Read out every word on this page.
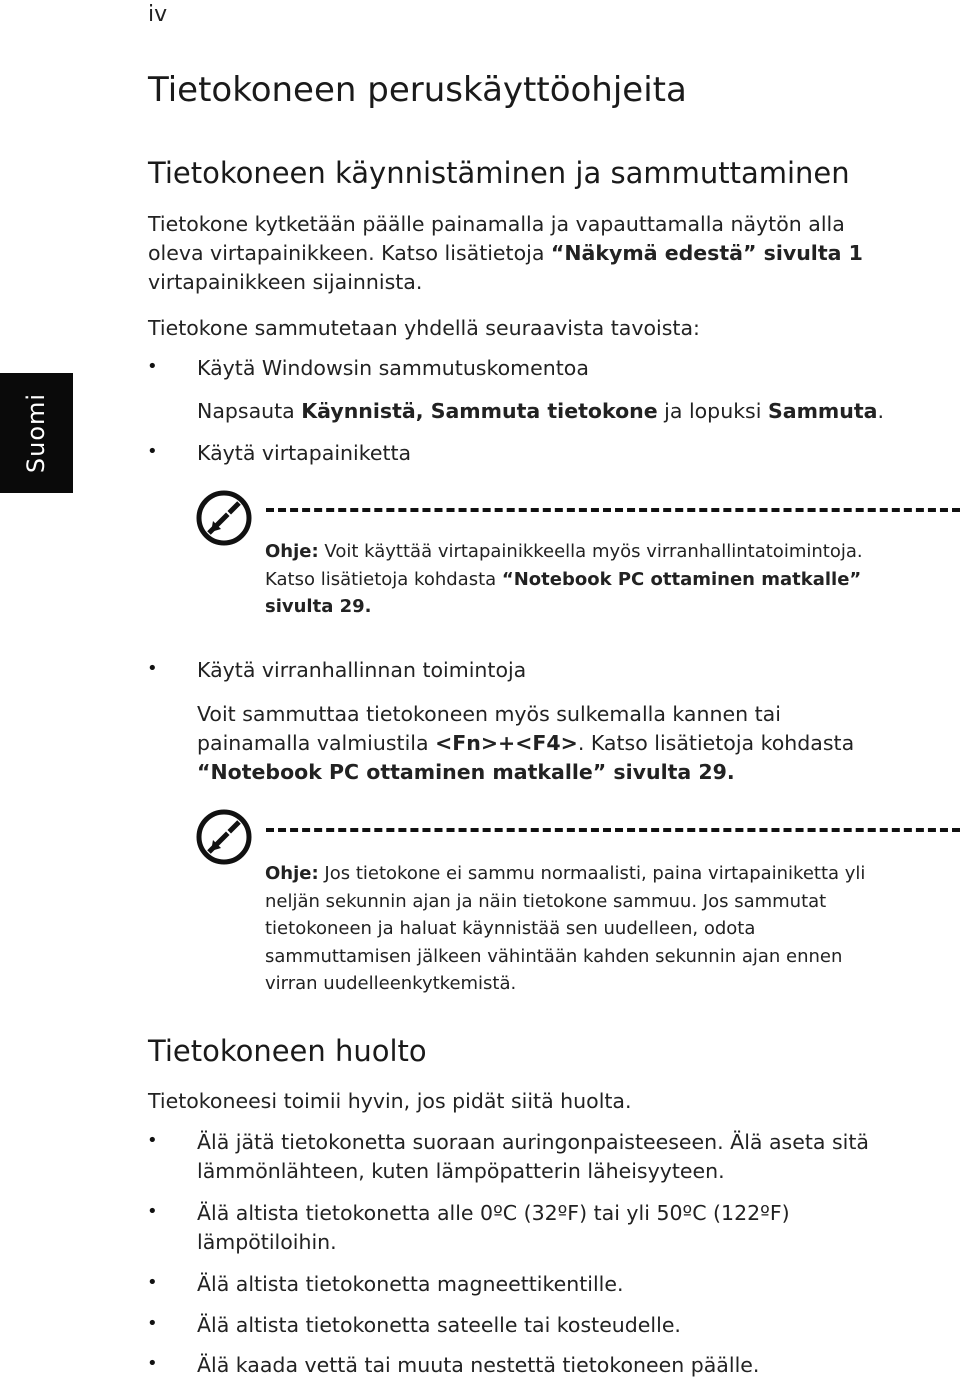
iv
Suomi
Tietokoneen peruskäyttöohjeita
Tietokoneen käynnistäminen ja sammuttaminen
Tietokone kytketään päälle painamalla ja vapauttamalla näytön alla
oleva virtapainikkeen. Katso lisätietoja “Näkymä edestä” sivulta 1
virtapainikkeen sijainnista.
Tietokone sammutetaan yhdellä seuraavista tavoista:
• Käytä Windowsin sammutuskomentoa
Napsauta Käynnistä, Sammuta tietokone ja lopuksi Sammuta.
• Käytä virtapainiketta
Ohje: Voit käyttää virtapainikkeella myös virranhallintatoimintoja.
Katso lisätietoja kohdasta “Notebook PC ottaminen matkalle”
sivulta 29.
• Käytä virranhallinnan toimintoja
Voit sammuttaa tietokoneen myös sulkemalla kannen tai
painamalla valmiustila <Fn>+<F4>. Katso lisätietoja kohdasta
“Notebook PC ottaminen matkalle” sivulta 29.
Ohje: Jos tietokone ei sammu normaalisti, paina virtapainiketta yli
neljän sekunnin ajan ja näin tietokone sammuu. Jos sammutat
tietokoneen ja haluat käynnistää sen uudelleen, odota
sammuttamisen jälkeen vähintään kahden sekunnin ajan ennen
virran uudelleenkytkemistä.
Tietokoneen huolto
Tietokoneesi toimii hyvin, jos pidät siitä huolta.
• Älä jätä tietokonetta suoraan auringonpaisteeseen. Älä aseta sitä
lämmönlähteen, kuten lämpöpatterin läheisyyteen.
• Älä altista tietokonetta alle 0ºC (32ºF) tai yli 50ºC (122ºF)
lämpötiloihin.
• Älä altista tietokonetta magneettikentille.
• Älä altista tietokonetta sateelle tai kosteudelle.
• Älä kaada vettä tai muuta nestettä tietokoneen päälle.
